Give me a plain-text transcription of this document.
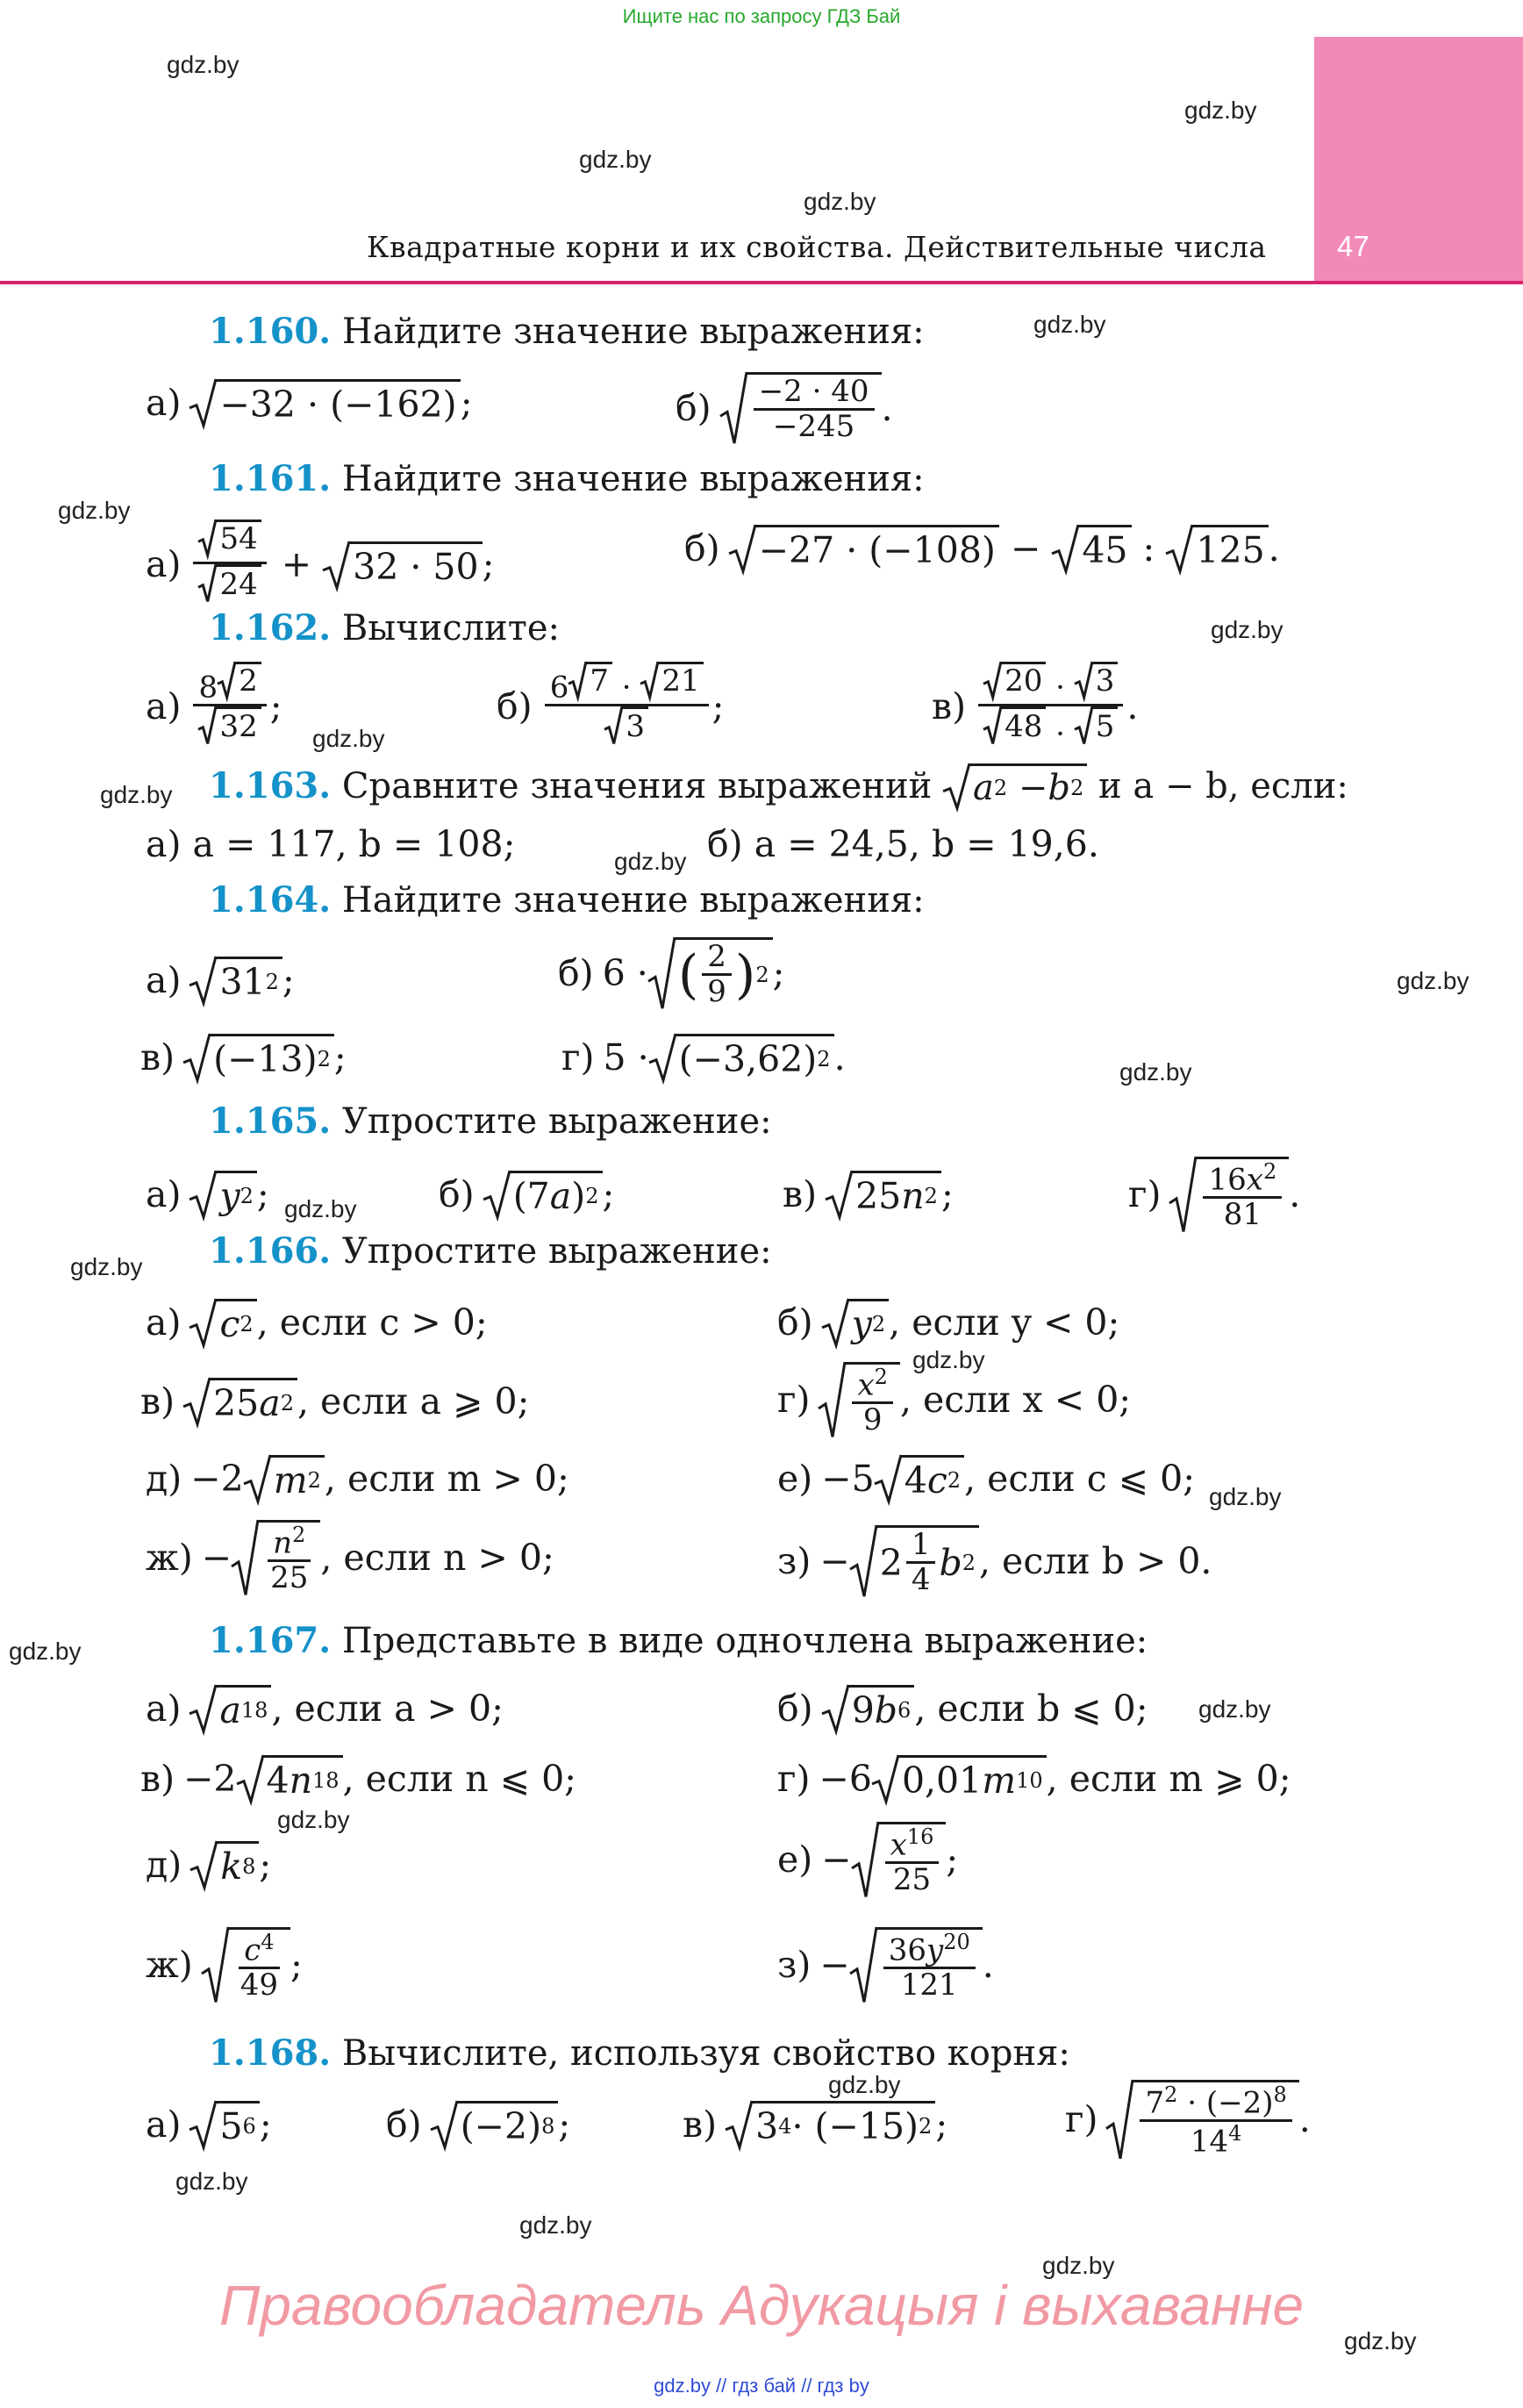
Ищите нас по запросу ГДЗ Бай
47
Квадратные корни и их свойства. Действительные числа
gdz.by
gdz.by
gdz.by
gdz.by
gdz.by
gdz.by
gdz.by
gdz.by
gdz.by
gdz.by
gdz.by
gdz.by
gdz.by
gdz.by
gdz.by
gdz.by
gdz.by
gdz.by
gdz.by
gdz.by
gdz.by
gdz.by
gdz.by
gdz.by
1.160. Найдите значение выражения:
а) −32 · (−162) ;	$б) \frac{-2 \cdot 40}{-245}$ .
1.161. Найдите значение выражения:
$а) \frac{54}{24} + 32 \cdot 50$ ;	б) −27 · (−108) − 45 : 125 .
1.162. Вычислите:
$а) \frac{8 2}{32}$ ;	$б) \frac{6 7 \cdot 21}{3}$ ;	$в) \frac{20 \cdot 3}{48 \cdot 5}$ .
1.163.
Сравните значения выражений
a 2 − b 2
и a − b, если:
а) a = 117, b = 108;	б) a = 24,5, b = 19,6.
1.164. Найдите значение выражения:
а) 31 2 ;	б) 6 · ( $\frac{2}{9}$ ) 2 ;
в) (−13) 2 ;	г) 5 · (−3,62) 2 .
1.165. Упростите выражение:
а) y 2 ;	б) (7 a ) 2 ;	в) 25 n 2 ;	$г) \frac{16x^2}{81}$ .
1.166. Упростите выражение:
а) c 2 , если c > 0;	б) y 2 , если y < 0;
в) 25 a 2 , если a ⩾ 0;	$г) \frac{x^2}{9}$ , если x < 0;
д) −2 m 2 , если m > 0;	е) −5 4 c 2 , если c ⩽ 0;
$ж) - \frac{n^2}{25}$ , если n > 0;	$з) - 2 \frac{1}{4}$ b 2 , если b > 0.
1.167. Представьте в виде одночлена выражение:
а) a 18 , если a > 0;	б) 9 b 6 , если b ⩽ 0;
в) −2 4 n 18 , если n ⩽ 0;	г) −6 0,01 m 10 , если m ⩾ 0;
д) k 8 ;	$е) - \frac{x^{16}}{25}$ ;
$ж) \frac{c^4}{49}$ ;	$з) - \frac{36y^{20}}{121}$ .
1.168. Вычислите, используя свойство корня:
а) 5 6 ;	б) (−2) 8 ;	в) 3 4 · (−15) 2 ;	$г) \frac{7^2 \cdot (-2)^8}{14^4}$ .
Правообладатель Адукацыя і выхаванне
gdz.by // гдз бай // гдз by
